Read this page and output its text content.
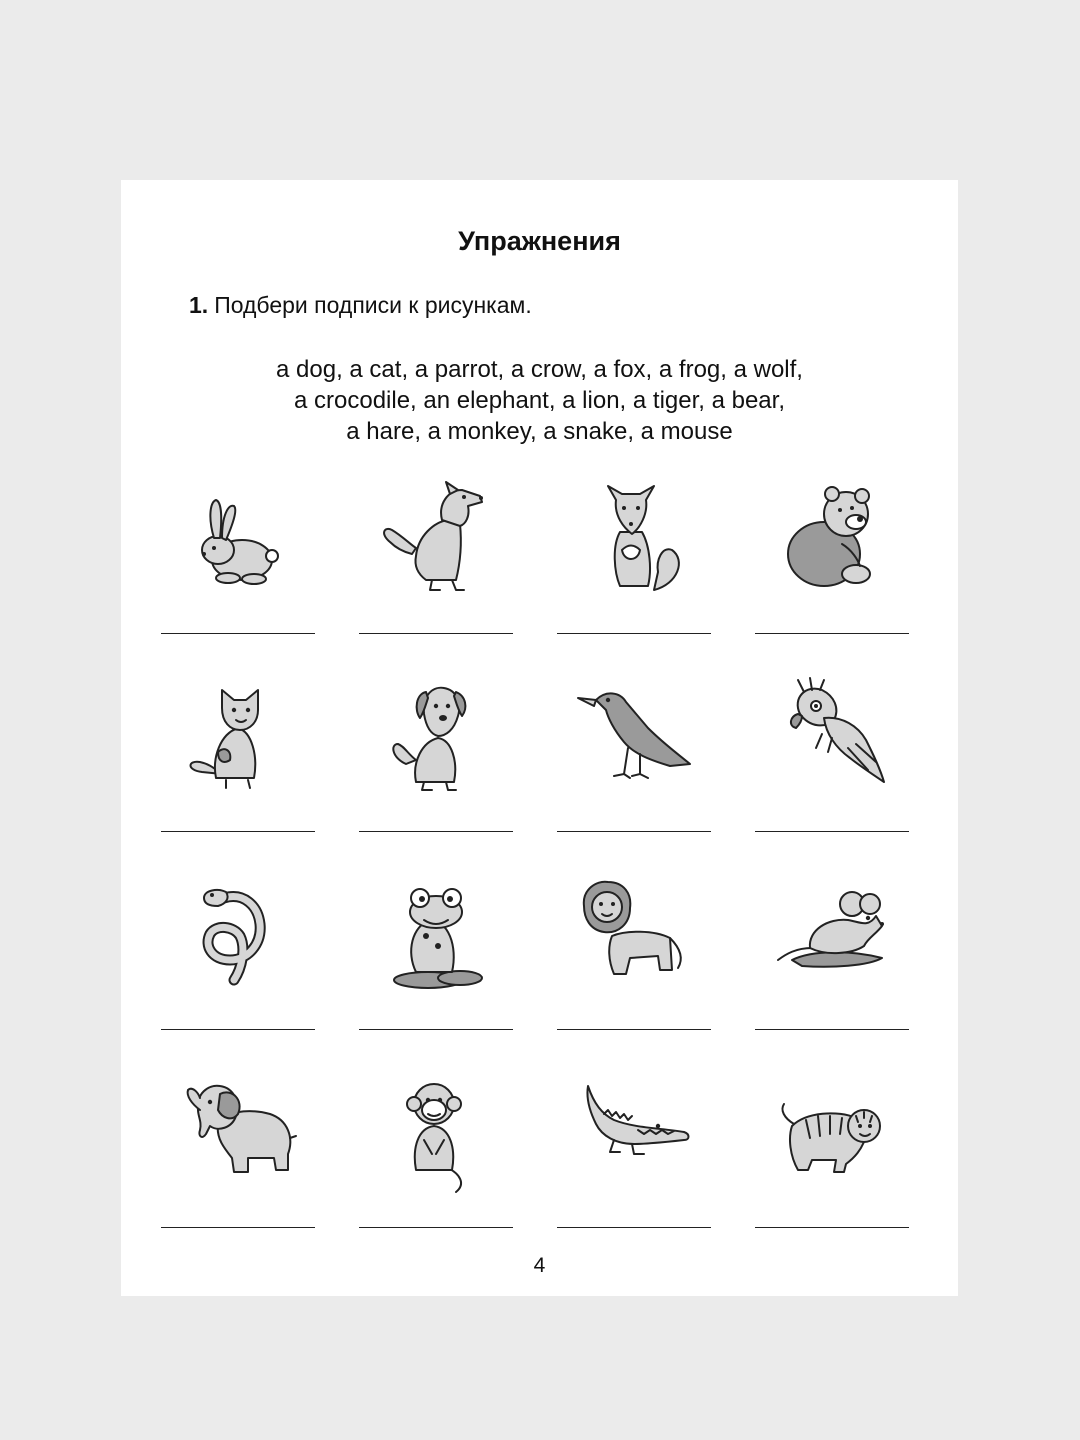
Упражнения
1. Подбери подписи к рисункам.
a dog, a cat, a parrot, a crow, a fox, a frog, a wolf,
a crocodile, an elephant, a lion, a tiger, a bear,
a hare, a monkey, a snake, a mouse
4
